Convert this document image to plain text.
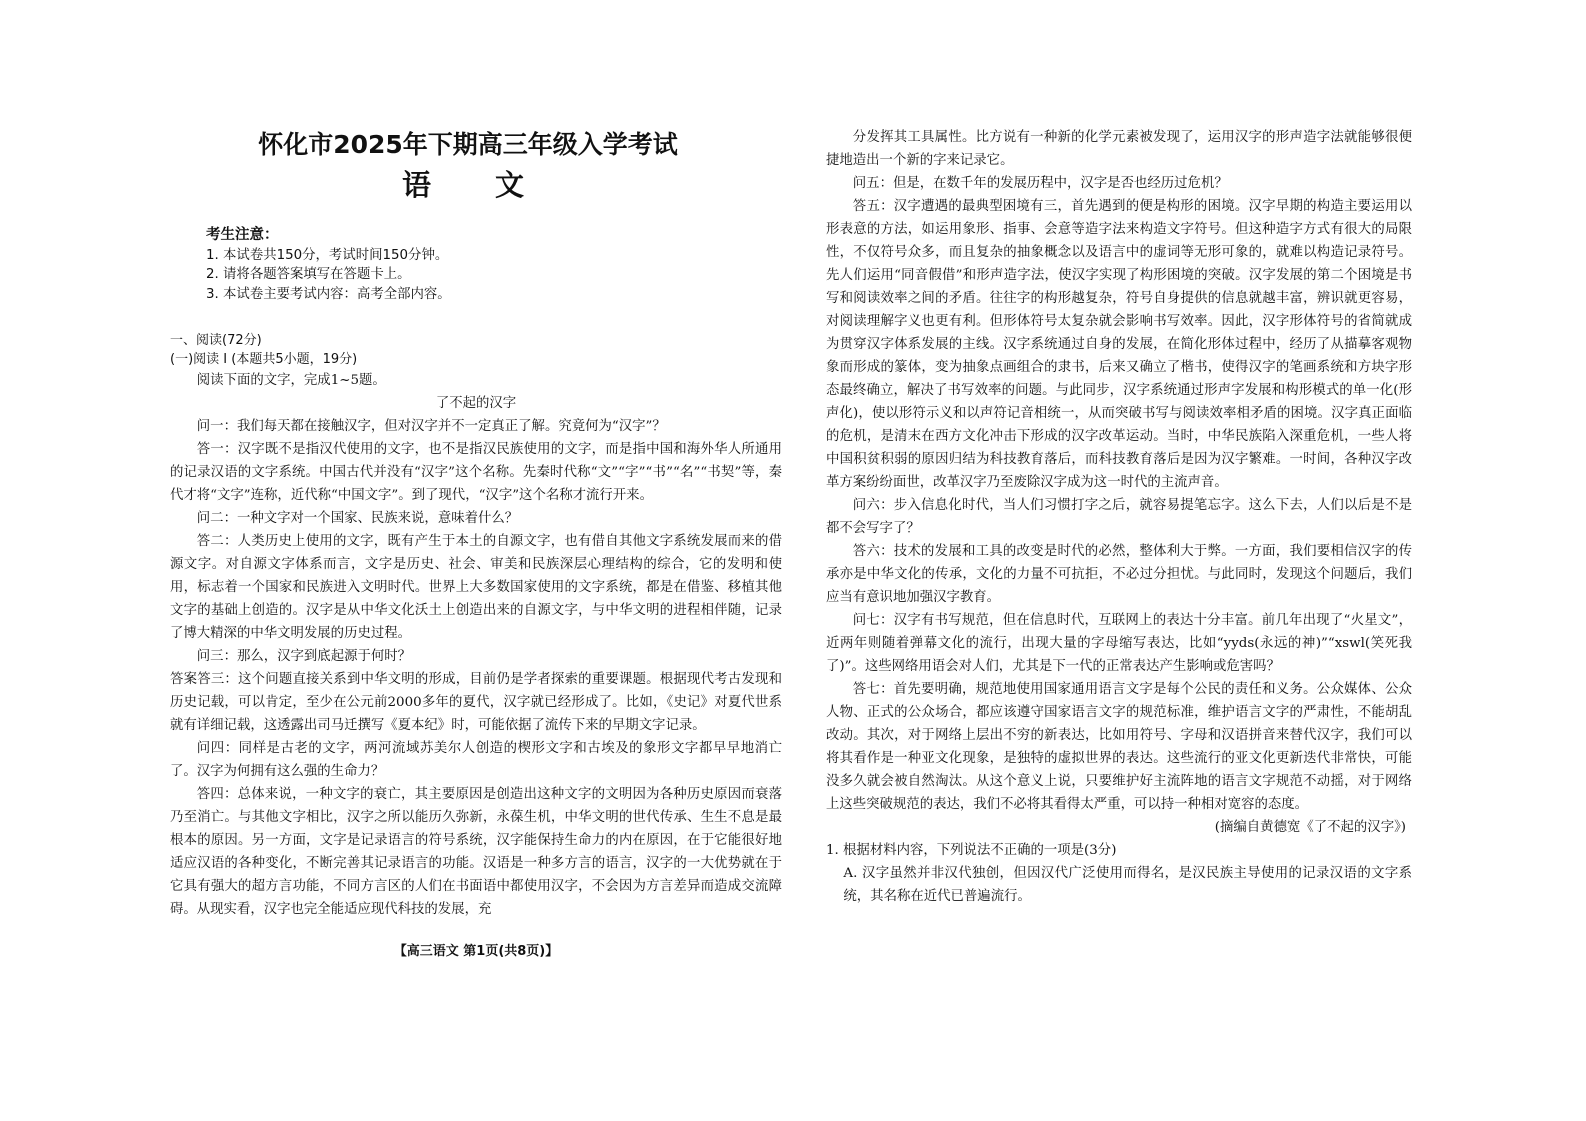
怀化市2025年下期高三年级入学考试
语文
考生注意：
1. 本试卷共150分，考试时间150分钟。
2. 请将各题答案填写在答题卡上。
3. 本试卷主要考试内容：高考全部内容。
一、阅读(72分)
(一)阅读 I (本题共5小题，19分)

阅读下面的文字，完成1~5题。

了不起的汉字

问一：我们每天都在接触汉字，但对汉字并不一定真正了解。究竟何为“汉字”？

答一：汉字既不是指汉代使用的文字，也不是指汉民族使用的文字，而是指中国和海外华人所通用的记录汉语的文字系统。中国古代并没有“汉字”这个名称。先秦时代称“文”“字”“书”“名”“书契”等，秦代才将“文字”连称，近代称“中国文字”。到了现代，“汉字”这个名称才流行开来。

问二：一种文字对一个国家、民族来说，意味着什么？

答二：人类历史上使用的文字，既有产生于本土的自源文字，也有借自其他文字系统发展而来的借源文字。对自源文字体系而言，文字是历史、社会、审美和民族深层心理结构的综合，它的发明和使用，标志着一个国家和民族进入文明时代。世界上大多数国家使用的文字系统，都是在借鉴、移植其他文字的基础上创造的。汉字是从中华文化沃土上创造出来的自源文字，与中华文明的进程相伴随，记录了博大精深的中华文明发展的历史过程。

问三：那么，汉字到底起源于何时？

答案答三：这个问题直接关系到中华文明的形成，目前仍是学者探索的重要课题。根据现代考古发现和历史记载，可以肯定，至少在公元前2000多年的夏代，汉字就已经形成了。比如，《史记》对夏代世系就有详细记载，这透露出司马迁撰写《夏本纪》时，可能依据了流传下来的早期文字记录。

问四：同样是古老的文字，两河流域苏美尔人创造的楔形文字和古埃及的象形文字都早早地消亡了。汉字为何拥有这么强的生命力？

答四：总体来说，一种文字的衰亡，其主要原因是创造出这种文字的文明因为各种历史原因而衰落乃至消亡。与其他文字相比，汉字之所以能历久弥新，永葆生机，中华文明的世代传承、生生不息是最根本的原因。另一方面，文字是记录语言的符号系统，汉字能保持生命力的内在原因，在于它能很好地适应汉语的各种变化，不断完善其记录语言的功能。汉语是一种多方言的语言，汉字的一大优势就在于它具有强大的超方言功能，不同方言区的人们在书面语中都使用汉字，不会因为方言差异而造成交流障碍。从现实看，汉字也完全能适应现代科技的发展，充

【高三语文 第1页(共8页)】

分发挥其工具属性。比方说有一种新的化学元素被发现了，运用汉字的形声造字法就能够很便捷地造出一个新的字来记录它。

问五：但是，在数千年的发展历程中，汉字是否也经历过危机？

答五：汉字遭遇的最典型困境有三，首先遇到的便是构形的困境。汉字早期的构造主要运用以形表意的方法，如运用象形、指事、会意等造字法来构造文字符号。但这种造字方式有很大的局限性，不仅符号众多，而且复杂的抽象概念以及语言中的虚词等无形可象的，就难以构造记录符号。先人们运用“同音假借”和形声造字法，使汉字实现了构形困境的突破。汉字发展的第二个困境是书写和阅读效率之间的矛盾。往往字的构形越复杂，符号自身提供的信息就越丰富，辨识就更容易，对阅读理解字义也更有利。但形体符号太复杂就会影响书写效率。因此，汉字形体符号的省简就成为贯穿汉字体系发展的主线。汉字系统通过自身的发展，在简化形体过程中，经历了从描摹客观物象而形成的篆体，变为抽象点画组合的隶书，后来又确立了楷书，使得汉字的笔画系统和方块字形态最终确立，解决了书写效率的问题。与此同步，汉字系统通过形声字发展和构形模式的单一化(形声化)，使以形符示义和以声符记音相统一，从而突破书写与阅读效率相矛盾的困境。汉字真正面临的危机，是清末在西方文化冲击下形成的汉字改革运动。当时，中华民族陷入深重危机，一些人将中国积贫积弱的原因归结为科技教育落后，而科技教育落后是因为汉字繁难。一时间，各种汉字改革方案纷纷面世，改革汉字乃至废除汉字成为这一时代的主流声音。

问六：步入信息化时代，当人们习惯打字之后，就容易提笔忘字。这么下去，人们以后是不是都不会写字了？

答六：技术的发展和工具的改变是时代的必然，整体利大于弊。一方面，我们要相信汉字的传承亦是中华文化的传承，文化的力量不可抗拒，不必过分担忧。与此同时，发现这个问题后，我们应当有意识地加强汉字教育。

问七：汉字有书写规范，但在信息时代，互联网上的表达十分丰富。前几年出现了“火星文”，近两年则随着弹幕文化的流行，出现大量的字母缩写表达，比如“yyds(永远的神)”“xswl(笑死我了)”。这些网络用语会对人们，尤其是下一代的正常表达产生影响或危害吗？

答七：首先要明确，规范地使用国家通用语言文字是每个公民的责任和义务。公众媒体、公众人物、正式的公众场合，都应该遵守国家语言文字的规范标准，维护语言文字的严肃性，不能胡乱改动。其次，对于网络上层出不穷的新表达，比如用符号、字母和汉语拼音来替代汉字，我们可以将其看作是一种亚文化现象，是独特的虚拟世界的表达。这些流行的亚文化更新迭代非常快，可能没多久就会被自然淘汰。从这个意义上说，只要维护好主流阵地的语言文字规范不动摇，对于网络上这些突破规范的表达，我们不必将其看得太严重，可以持一种相对宽容的态度。

(摘编自黄德宽《了不起的汉字》)

1. 根据材料内容，下列说法不正确的一项是(3分)

A. 汉字虽然并非汉代独创，但因汉代广泛使用而得名，是汉民族主导使用的记录汉语的文字系统，其名称在近代已普遍流行。
